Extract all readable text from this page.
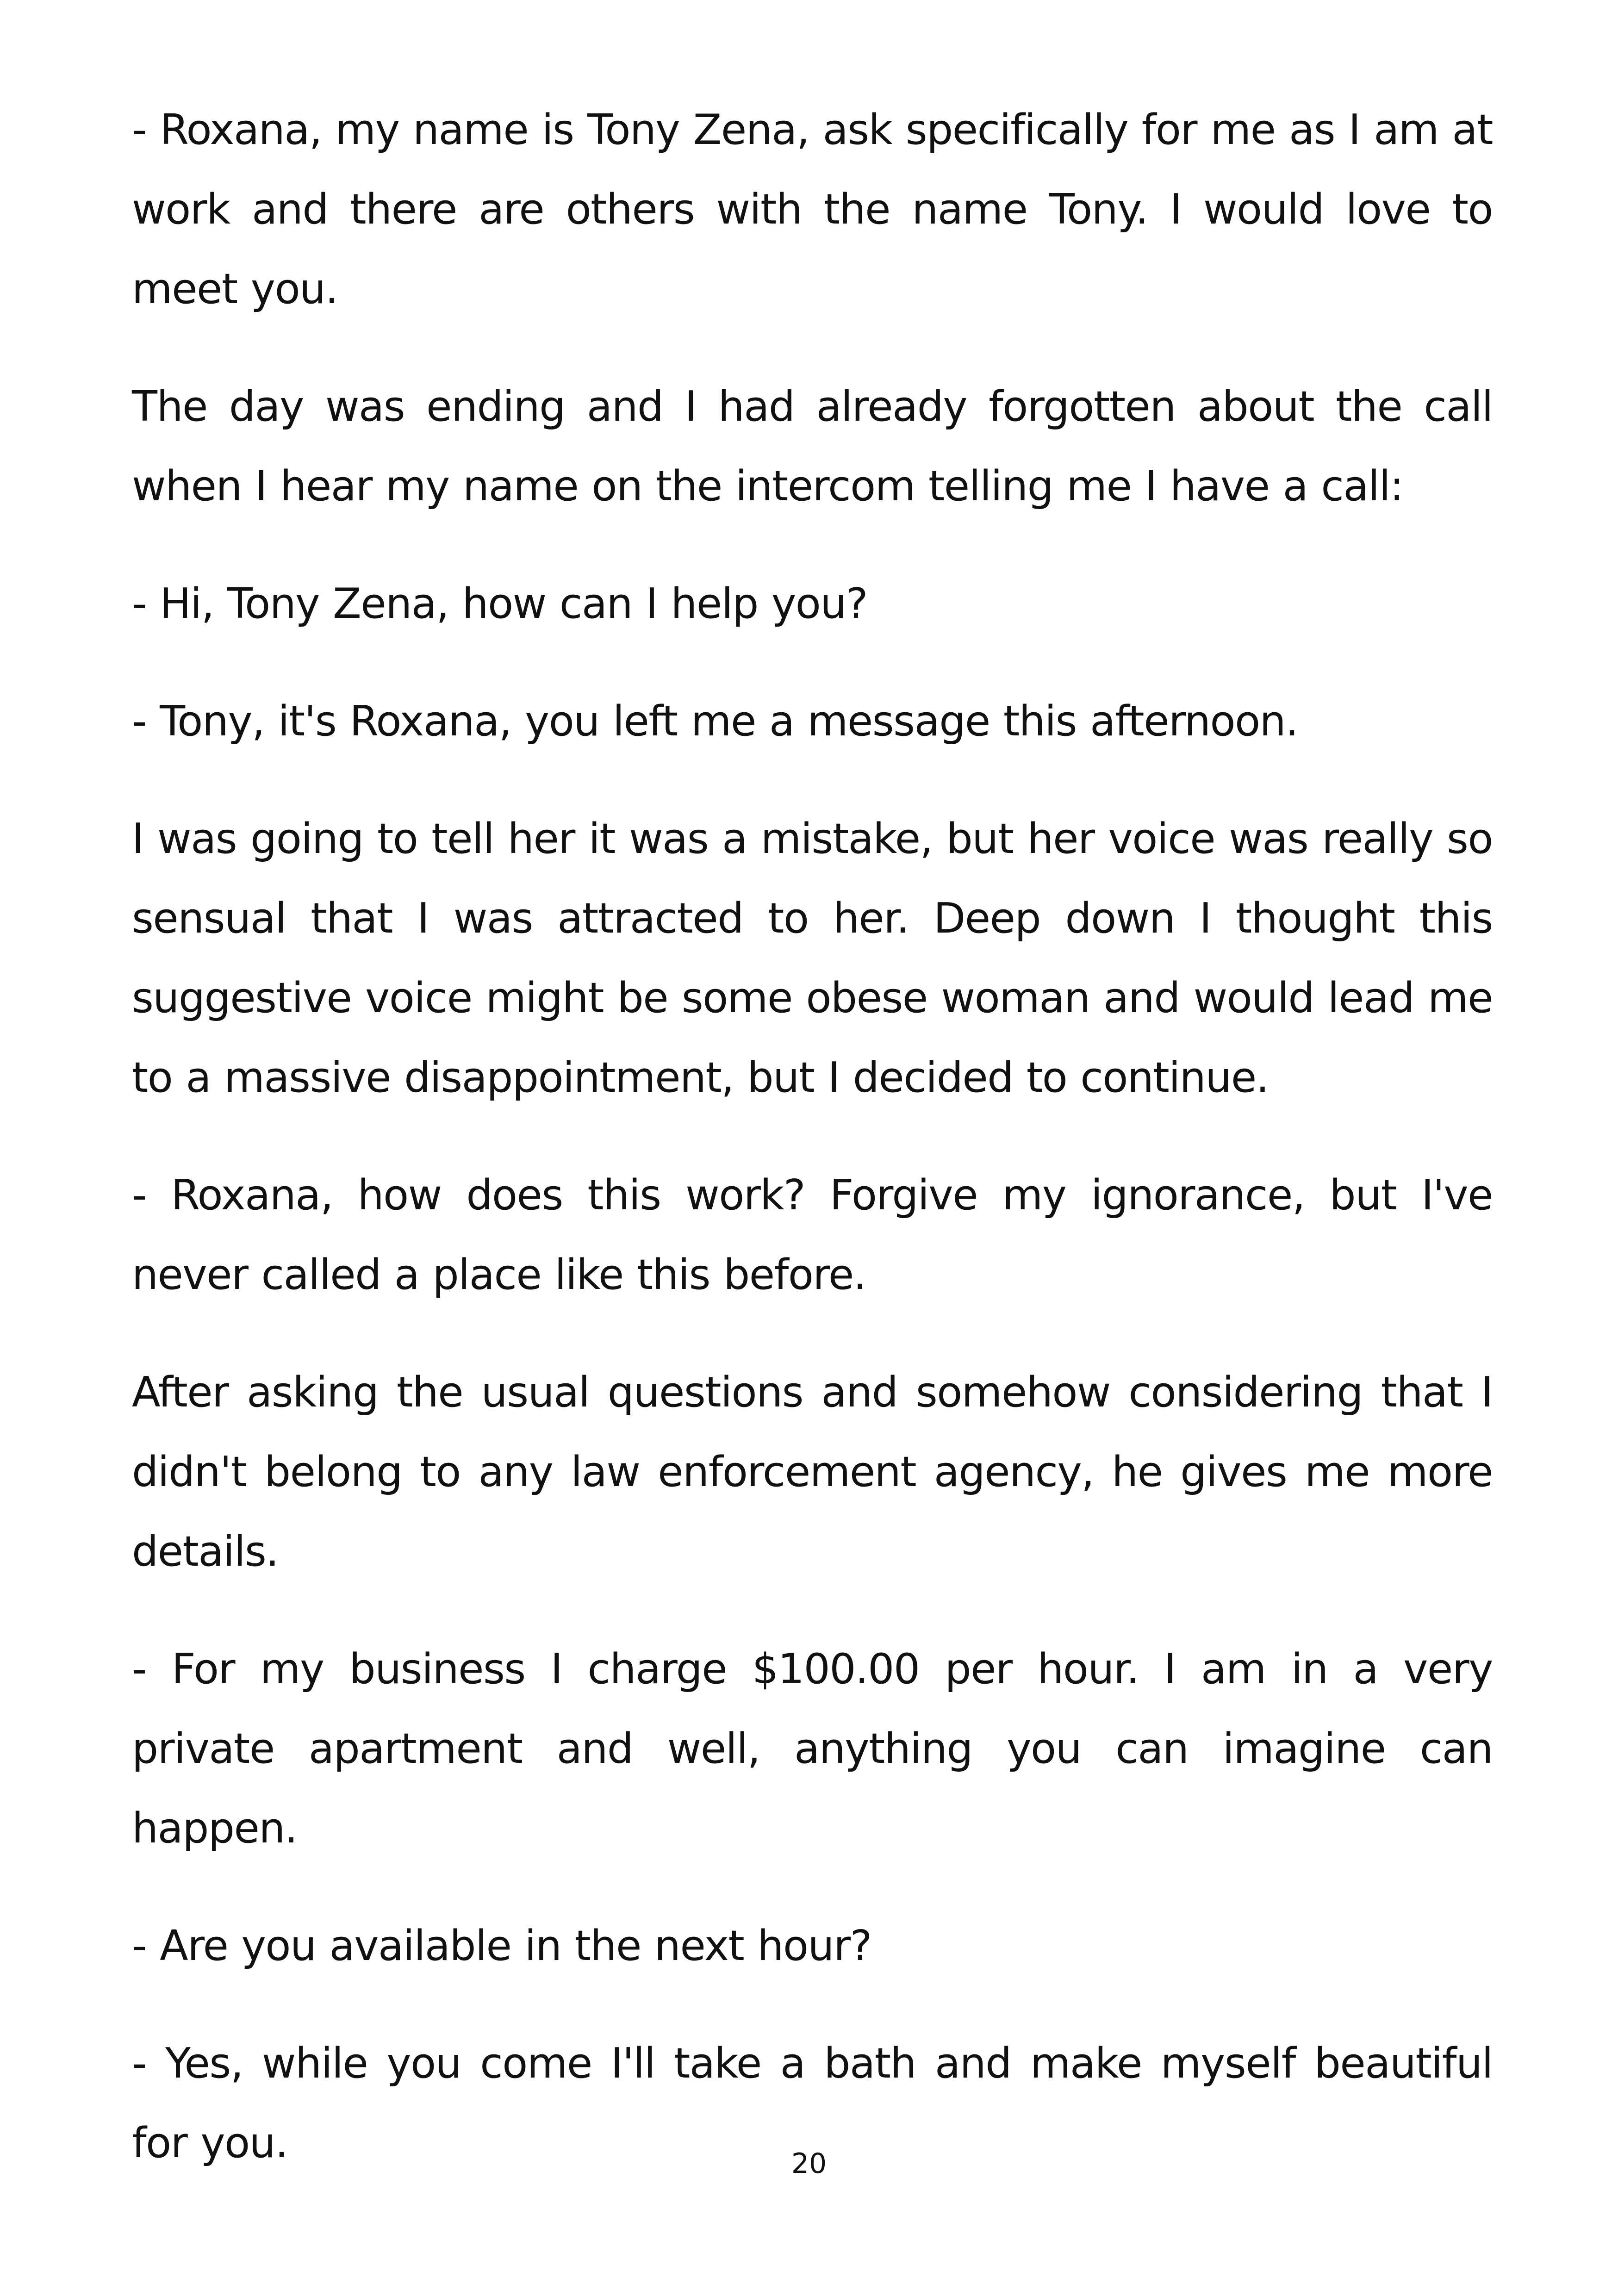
- Roxana, my name is Tony Zena, ask specifically for me as I am at work and there are others with the name Tony. I would love to meet you.

The day was ending and I had already forgotten about the call when I hear my name on the intercom telling me I have a call:

- Hi, Tony Zena, how can I help you?

- Tony, it's Roxana, you left me a message this afternoon.

I was going to tell her it was a mistake, but her voice was really so sensual that I was attracted to her. Deep down I thought this suggestive voice might be some obese woman and would lead me to a massive disappointment, but I decided to continue.

- Roxana, how does this work? Forgive my ignorance, but I've never called a place like this before.

After asking the usual questions and somehow considering that I didn't belong to any law enforcement agency, he gives me more details.

- For my business I charge $100.00 per hour. I am in a very private apartment and well, anything you can imagine can happen.

- Are you available in the next hour?

- Yes, while you come I'll take a bath and make myself beautiful for you.	20
